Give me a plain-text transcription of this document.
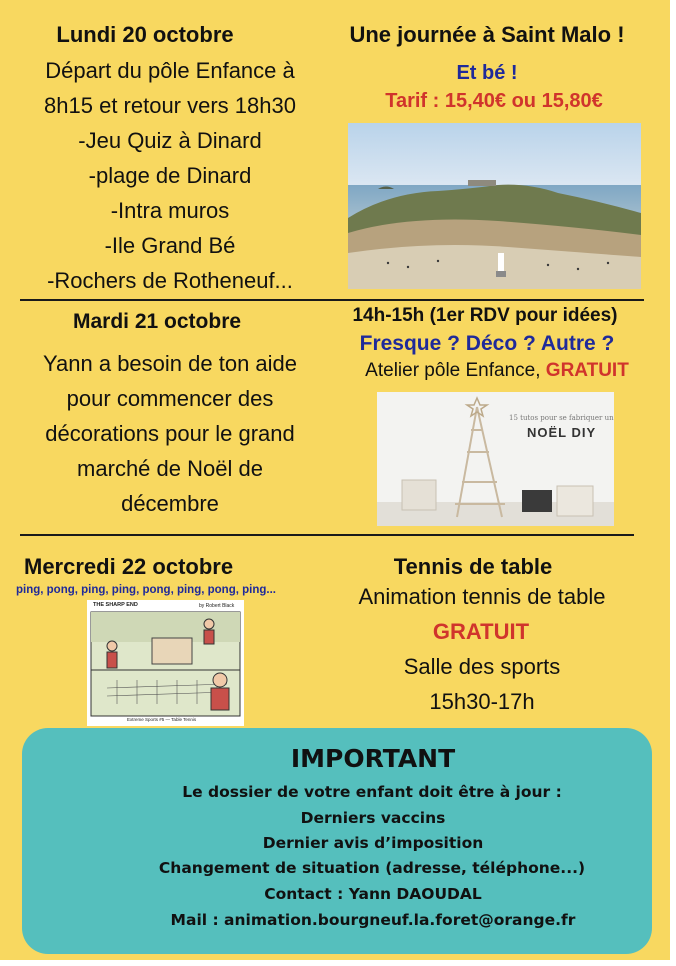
Lundi 20 octobre
Départ du pôle Enfance à
8h15 et retour vers 18h30
-Jeu Quiz à Dinard
-plage de Dinard
-Intra muros
-Ile Grand Bé
-Rochers de Rotheneuf...
Une journée à Saint Malo !
Et bé !
Tarif : 15,40€ ou 15,80€
Mardi 21 octobre
Yann a besoin de ton aide
pour commencer des
décorations pour le grand
marché de Noël de
décembre
14h-15h (1er RDV pour idées)
Fresque ? Déco ? Autre ?
Atelier pôle Enfance, GRATUIT
15 tutos pour se fabriquer un
NOËL DIY
Mercredi 22 octobre
ping, pong, ping, ping, pong, ping, pong, ping...
THE SHARP END	by Robert Black
Extreme Sports #5 — Table Tennis
Tennis de table
Animation tennis de table
GRATUIT
Salle des sports
15h30-17h
IMPORTANT
Le dossier de votre enfant doit être à jour :
Derniers vaccins
Dernier avis d’imposition
Changement de situation (adresse, téléphone...)
Contact : Yann DAOUDAL
Mail : animation.bourgneuf.la.foret@orange.fr
